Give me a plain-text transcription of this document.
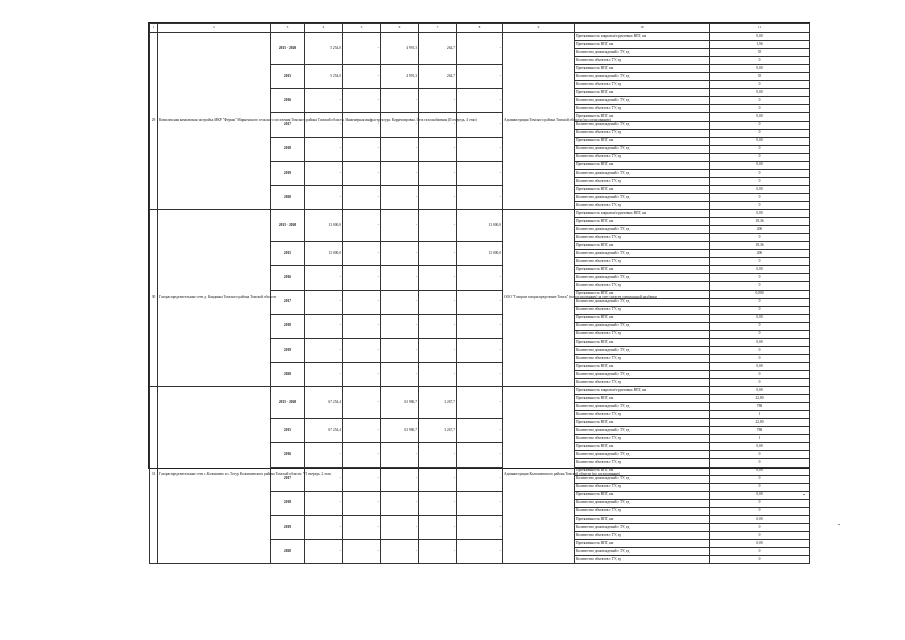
1	2	3	4	5	6	7	8	9	10	11
29	Комплексная компактная застройка МКР "Фермы" Мирненского сельского поселения Томского района Томской области. Инженерная инфраструктура. Корректировка. I эта газоснабжения (II очередь, 4 этап)	2015 - 2020	5 254,0	-	4 991,3	262,7	-	Администрация Томского района Томской области (по согласованию)	Протяженность закрытых\грунтовых ВПГ, км	0,00
									Протяженность ВПГ, км	1,96
									Количество домовладений с ТУ, ед	55
									Количество объектов с ТУ, ед	0
		2015	5 254,0	-	4 991,3	262,7	-		Протяженность ВПГ, км	0,00
									Количество домовладений с ТУ, ед	55
									Количество объектов с ТУ, ед	0
		2016	-	-	-	-	-		Протяженность ВПГ, км	0,00
									Количество домовладений с ТУ, ед	0
									Количество объектов с ТУ, ед	0
		2017	-	-	-	-	-		Протяженность ВПГ, км	0,00
									Количество домовладений с ТУ, ед	0
									Количество объектов с ТУ, ед	0
		2018	-	-	-	-	-		Протяженность ВПГ, км	0,00
									Количество домовладений с ТУ, ед	0
									Количество объектов с ТУ, ед	0
		2019	-	-	-	-	-		Протяженность ВПГ, км	0,00
									Количество домовладений с ТУ, ед	0
									Количество объектов с ТУ, ед	0
		2020	-	-	-	-	-		Протяженность ВПГ, км	0,00
									Количество домовладений с ТУ, ед	0
									Количество объектов с ТУ, ед	0
30	Газораспределительные сети д. Кандинка Томского района Томской области	2015 - 2020	13 000,0	-	-	-	13 000,0	ООО "Газпром газораспределение Томск" (по согласованию) за счет средств специальной надбавки	Протяженность закрытых\грунтовых ВПГ, км	0,00
									Протяженность ВПГ, км	18,36
									Количество домовладений с ТУ, ед	400
									Количество объектов с ТУ, ед	0
		2015	13 000,0	-	-	-	13 000,0		Протяженность ВПГ, км	18,36
									Количество домовладений с ТУ, ед	400
									Количество объектов с ТУ, ед	0
		2016	-	-	-	-	-		Протяженность ВПГ, км	0,00
									Количество домовладений с ТУ, ед	0
									Количество объектов с ТУ, ед	0
		2017	-	-	-	-	-		Протяженность ВПГ, км	0,000
									Количество домовладений с ТУ, ед	0
									Количество объектов с ТУ, ед	0
		2018	-	-	-	-	-		Протяженность ВПГ, км	0,00
									Количество домовладений с ТУ, ед	0
									Количество объектов с ТУ, ед	0
		2019	-	-	-	-	-		Протяженность ВПГ, км	0,00
									Количество домовладений с ТУ, ед	0
									Количество объектов с ТУ, ед	0
		2020	-	-	-	-	-		Протяженность ВПГ, км	0,00
									Количество домовладений с ТУ, ед	0
									Количество объектов с ТУ, ед	0
31	Газораспределительные сети с.Колпашево и с.Тогур Колпашевского района Томской области. VI очередь. 2 этап	2015 - 2020	67 254,4	-	63 986,7	3 267,7	-	Администрация Колпашевского района Томской области (по согласованию)	Протяженность закрытых\грунтовых ВПГ, км	0,00
									Протяженность ВПГ, км	22,80
									Количество домовладений с ТУ, ед	788
									Количество объектов с ТУ, ед	1
		2015	67 254,4	-	63 986,7	3 267,7	-		Протяженность ВПГ, км	22,80
									Количество домовладений с ТУ, ед	788
									Количество объектов с ТУ, ед	1
		2016	-	-	-	-	-		Протяженность ВПГ, км	0,00
									Количество домовладений с ТУ, ед	0
									Количество объектов с ТУ, ед	0
		2017	-	-	-	-	-		Протяженность ВПГ, км	0,00
									Количество домовладений с ТУ, ед	0
									Количество объектов с ТУ, ед	0
		2018	-	-	-	-	-		Протяженность ВПГ, км	0,00
									Количество домовладений с ТУ, ед	0
									Количество объектов с ТУ, ед	0
		2019	-	-	-	-	-		Протяженность ВПГ, км	0,00
									Количество домовладений с ТУ, ед	0
									Количество объектов с ТУ, ед	0
		2020	-	-	-	-	-		Протяженность ВПГ, км	0,00
									Количество домовладений с ТУ, ед	0
									Количество объектов с ТУ, ед	0
